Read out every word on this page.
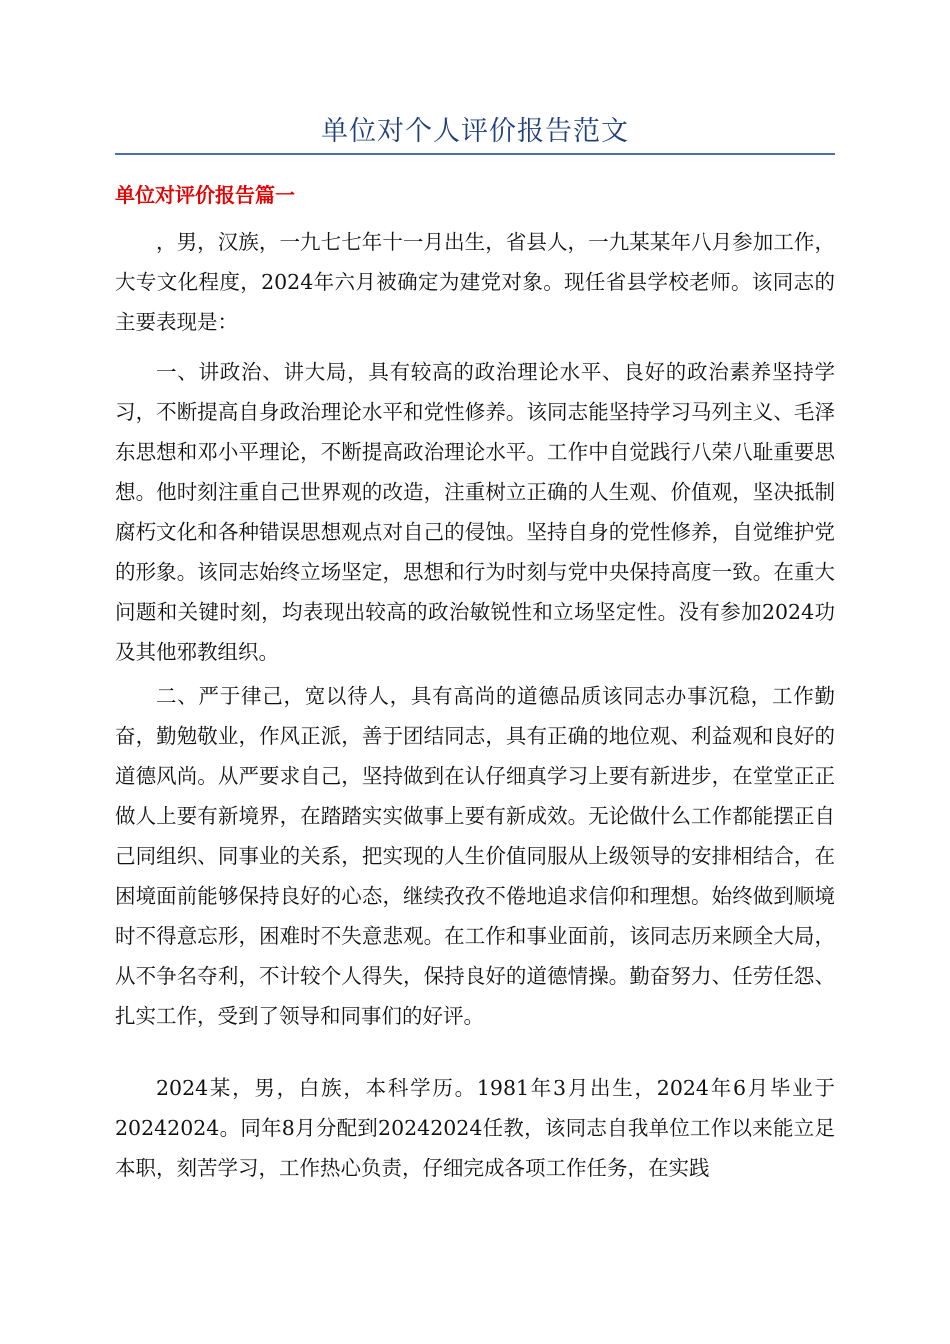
单位对个人评价报告范文
单位对评价报告篇一

，男，汉族，一九七七年十一月出生，省县人，一九某某年八月参加工作，大专文化程度，2024年六月被确定为建党对象。现任省县学校老师。该同志的主要表现是：

一、讲政治、讲大局，具有较高的政治理论水平、良好的政治素养坚持学习，不断提高自身政治理论水平和党性修养。该同志能坚持学习马列主义、毛泽东思想和邓小平理论，不断提高政治理论水平。工作中自觉践行八荣八耻重要思想。他时刻注重自己世界观的改造，注重树立正确的人生观、价值观，坚决抵制腐朽文化和各种错误思想观点对自己的侵蚀。坚持自身的党性修养，自觉维护党的形象。该同志始终立场坚定，思想和行为时刻与党中央保持高度一致。在重大问题和关键时刻，均表现出较高的政治敏锐性和立场坚定性。没有参加2024功及其他邪教组织。

二、严于律己，宽以待人，具有高尚的道德品质该同志办事沉稳，工作勤奋，勤勉敬业，作风正派，善于团结同志，具有正确的地位观、利益观和良好的道德风尚。从严要求自己，坚持做到在认仔细真学习上要有新进步，在堂堂正正做人上要有新境界，在踏踏实实做事上要有新成效。无论做什么工作都能摆正自己同组织、同事业的关系，把实现的人生价值同服从上级领导的安排相结合，在困境面前能够保持良好的心态，继续孜孜不倦地追求信仰和理想。始终做到顺境时不得意忘形，困难时不失意悲观。在工作和事业面前，该同志历来顾全大局，从不争名夺利，不计较个人得失，保持良好的道德情操。勤奋努力、任劳任怨、扎实工作，受到了领导和同事们的好评。

2024某，男，白族，本科学历。1981年3月出生，2024年6月毕业于20242024。同年8月分配到20242024任教，该同志自我单位工作以来能立足本职，刻苦学习，工作热心负责，仔细完成各项工作任务，在实践
